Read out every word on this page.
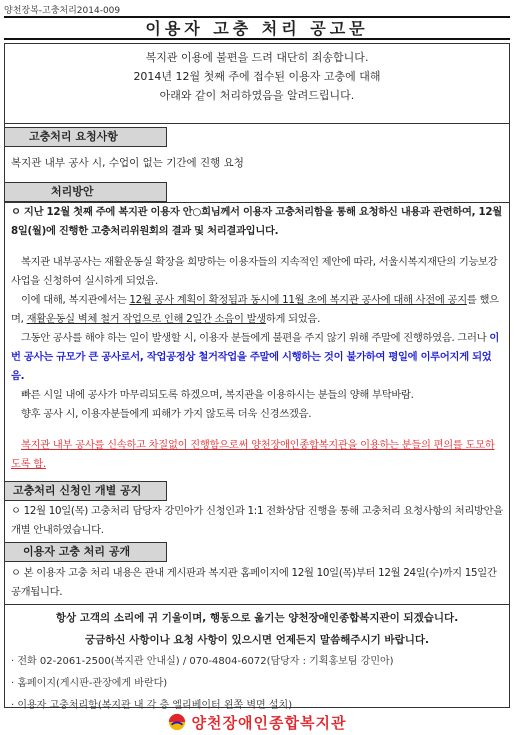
양천장복-고충처리2014-009
이용자 고충 처리 공고문
복지관 이용에 불편을 드려 대단히 죄송합니다.
2014년 12월 첫째 주에 접수된 이용자 고충에 대해
아래와 같이 처리하였음을 알려드립니다.
고충처리 요청사항
복지관 내부 공사 시, 수업이 없는 기간에 진행 요청
처리방안
ㅇ 지난 12월 첫째 주에 복지관 이용자 안○희님께서 이용자 고충처리함을 통해 요청하신 내용과 관련하여, 12월 8일(월)에 진행한 고충처리위원회의 결과 및 처리결과입니다.
복지관 내부공사는 재활운동실 확장을 희망하는 이용자들의 지속적인 제안에 따라, 서울시복지재단의 기능보강 사업을 신청하여 실시하게 되었음.
이에 대해, 복지관에서는 12월 공사 계획이 확정됨과 동시에 11월 초에 복지관 공사에 대해 사전에 공지를 했으며, 재활운동실 벽체 철거 작업으로 인해 2일간 소음이 발생하게 되었음.
그동안 공사를 해야 하는 일이 발생할 시, 이용자 분들에게 불편을 주지 않기 위해 주말에 진행하였음. 그러나 이번 공사는 규모가 큰 공사로서, 작업공정상 철거작업을 주말에 시행하는 것이 불가하여 평일에 이루어지게 되었음.
빠른 시일 내에 공사가 마무리되도록 하겠으며, 복지관을 이용하시는 분들의 양해 부탁바람.
향후 공사 시, 이용자분들에게 피해가 가지 않도록 더욱 신경쓰겠음.
복지관 내부 공사를 신속하고 차질없이 진행함으로써 양천장애인종합복지관을 이용하는 분들의 편의를 도모하도록 함.
고충처리 신청인 개별 공지
ㅇ 12월 10일(목) 고충처리 담당자 강민아가 신청인과 1:1 전화상담 진행을 통해 고충처리 요청사항의 처리방안을 개별 안내하였습니다.
이용자 고충 처리 공개
ㅇ 본 이용자 고충 처리 내용은 관내 게시판과 복지관 홈페이지에 12월 10일(목)부터 12월 24일(수)까지 15일간 공개됩니다.
항상 고객의 소리에 귀 기울이며, 행동으로 옮기는 양천장애인종합복지관이 되겠습니다.
궁금하신 사항이나 요청 사항이 있으시면 언제든지 말씀해주시기 바랍니다.
· 전화 02-2061-2500(복지관 안내실) / 070-4804-6072(담당자 : 기획홍보팀 강민아)
· 홈페이지(게시판-관장에게 바란다)
· 이용자 고충처리함(복지관 내 각 층 엘리베이터 왼쪽 벽면 설치)
양천장애인종합복지관
